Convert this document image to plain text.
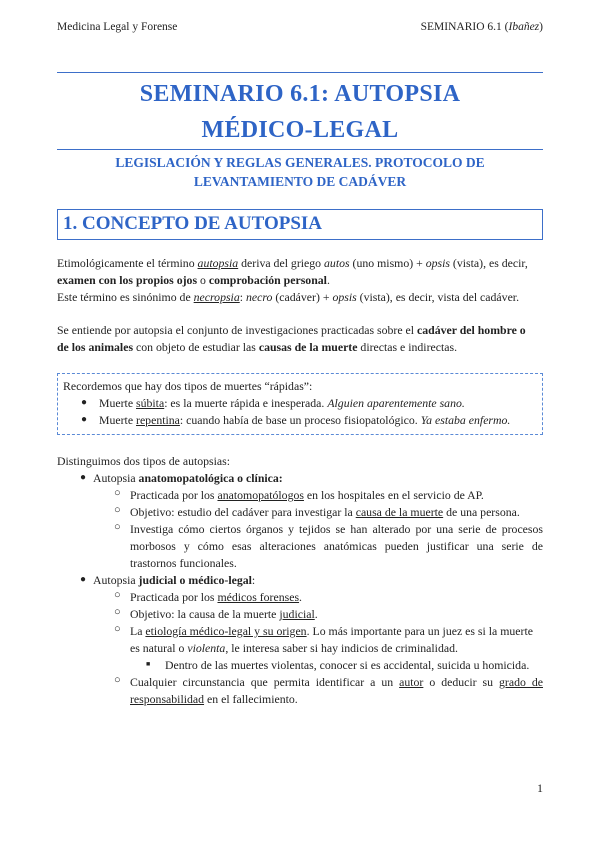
Medicina Legal y Forense	SEMINARIO 6.1 (Ibañez)
SEMINARIO 6.1: AUTOPSIA
MÉDICO-LEGAL
LEGISLACIÓN Y REGLAS GENERALES. PROTOCOLO DE
LEVANTAMIENTO DE CADÁVER
1. CONCEPTO DE AUTOPSIA
Etimológicamente el término autopsia deriva del griego autos (uno mismo) + opsis (vista), es decir,
examen con los propios ojos o comprobación personal.
Este término es sinónimo de necropsia: necro (cadáver) + opsis (vista), es decir, vista del cadáver.
Se entiende por autopsia el conjunto de investigaciones practicadas sobre el cadáver del hombre o
de los animales con objeto de estudiar las causas de la muerte directas e indirectas.
Recordemos que hay dos tipos de muertes “rápidas”:
● Muerte súbita: es la muerte rápida e inesperada. Alguien aparentemente sano.
● Muerte repentina: cuando había de base un proceso fisiopatológico. Ya estaba enfermo.
Distinguimos dos tipos de autopsias:
● Autopsia anatomopatológica o clínica:
○ Practicada por los anatomopatólogos en los hospitales en el servicio de AP.
○ Objetivo: estudio del cadáver para investigar la causa de la muerte de una persona.
○ Investiga cómo ciertos órganos y tejidos se han alterado por una serie de procesos
morbosos y cómo esas alteraciones anatómicas pueden justificar una serie de
trastornos funcionales.
● Autopsia judicial o médico-legal:
○ Practicada por los médicos forenses.
○ Objetivo: la causa de la muerte judicial.
○ La etiología médico-legal y su origen. Lo más importante para un juez es si la muerte
es natural o violenta, le interesa saber si hay indicios de criminalidad.
■ Dentro de las muertes violentas, conocer si es accidental, suicida u homicida.
○ Cualquier circunstancia que permita identificar a un autor o deducir su grado de
responsabilidad en el fallecimiento.
1
